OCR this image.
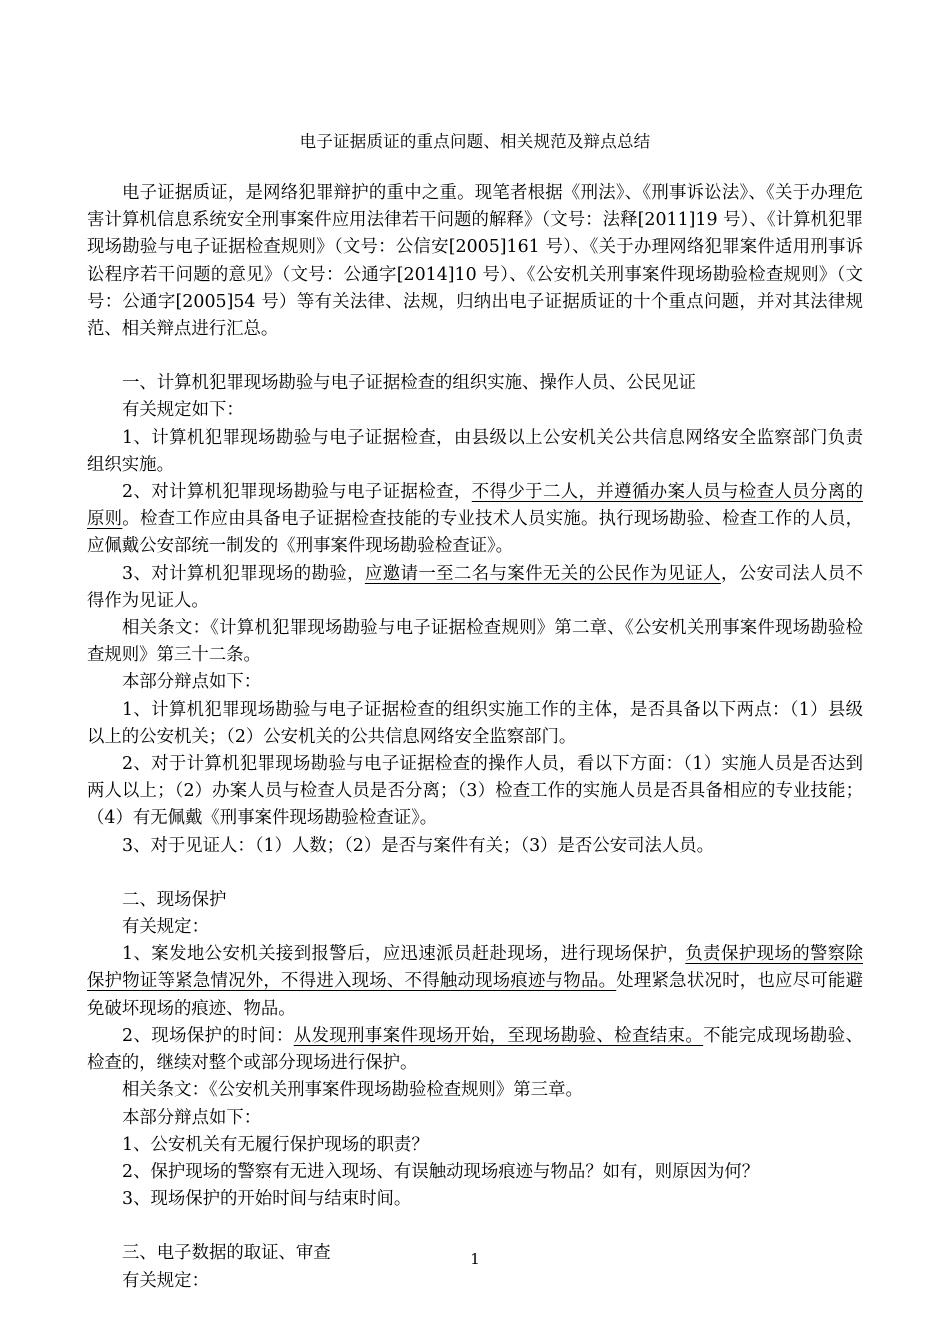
电子证据质证的重点问题、相关规范及辩点总结

电子证据质证，是网络犯罪辩护的重中之重。现笔者根据《刑法》、《刑事诉讼法》、《关于办理危害计算机信息系统安全刑事案件应用法律若干问题的解释》（文号：法释[2011]19 号）、《计算机犯罪现场勘验与电子证据检查规则》（文号：公信安[2005]161 号）、《关于办理网络犯罪案件适用刑事诉讼程序若干问题的意见》（文号：公通字[2014]10 号）、《公安机关刑事案件现场勘验检查规则》（文号：公通字[2005]54 号）等有关法律、法规，归纳出电子证据质证的十个重点问题，并对其法律规范、相关辩点进行汇总。

一、计算机犯罪现场勘验与电子证据检查的组织实施、操作人员、公民见证

有关规定如下：

1、计算机犯罪现场勘验与电子证据检查，由县级以上公安机关公共信息网络安全监察部门负责组织实施。

2、对计算机犯罪现场勘验与电子证据检查，不得少于二人，并遵循办案人员与检查人员分离的原则。检查工作应由具备电子证据检查技能的专业技术人员实施。执行现场勘验、检查工作的人员，应佩戴公安部统一制发的《刑事案件现场勘验检查证》。

3、对计算机犯罪现场的勘验，应邀请一至二名与案件无关的公民作为见证人，公安司法人员不得作为见证人。

相关条文：《计算机犯罪现场勘验与电子证据检查规则》第二章、《公安机关刑事案件现场勘验检查规则》第三十二条。

本部分辩点如下：

1、计算机犯罪现场勘验与电子证据检查的组织实施工作的主体，是否具备以下两点：（1）县级以上的公安机关；（2）公安机关的公共信息网络安全监察部门。

2、对于计算机犯罪现场勘验与电子证据检查的操作人员，看以下方面：（1）实施人员是否达到两人以上；（2）办案人员与检查人员是否分离；（3）检查工作的实施人员是否具备相应的专业技能；（4）有无佩戴《刑事案件现场勘验检查证》。

3、对于见证人：（1）人数；（2）是否与案件有关；（3）是否公安司法人员。

二、现场保护

有关规定：

1、案发地公安机关接到报警后，应迅速派员赶赴现场，进行现场保护，负责保护现场的警察除保护物证等紧急情况外，不得进入现场、不得触动现场痕迹与物品。处理紧急状况时，也应尽可能避免破坏现场的痕迹、物品。

2、现场保护的时间：从发现刑事案件现场开始，至现场勘验、检查结束。不能完成现场勘验、检查的，继续对整个或部分现场进行保护。

相关条文：《公安机关刑事案件现场勘验检查规则》第三章。

本部分辩点如下：

1、公安机关有无履行保护现场的职责？

2、保护现场的警察有无进入现场、有误触动现场痕迹与物品？如有，则原因为何？

3、现场保护的开始时间与结束时间。

三、电子数据的取证、审查

有关规定：

1
